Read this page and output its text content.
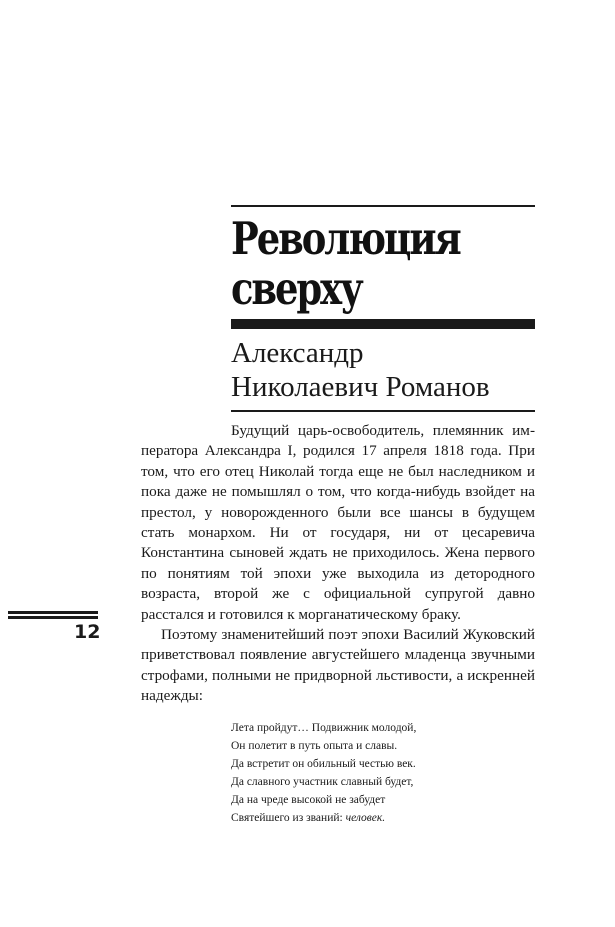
Революция
сверху
Александр
Николаевич Романов

Будущий царь-освободитель, племянник императора Александра I, родился 17 апреля 1818 года. При том, что его отец Николай тогда еще не был наследником и пока даже не помышлял о том, что когда-нибудь взойдет на престол, у новорожденного были все шансы в будущем стать монархом. Ни от государя, ни от цесаревича Константина сыновей ждать не приходилось. Жена первого по понятиям той эпохи уже выходила из детородного возраста, второй же с официальной супругой давно расстался и готовился к морганатическому браку.

Поэтому знаменитейший поэт эпохи Василий Жуковский приветствовал появление августейшего младенца звучными строфами, полными не придворной льстивости, а искренней надежды:

12
Лета пройдут… Подвижник молодой,
Он полетит в путь опыта и славы.
Да встретит он обильный честью век.
Да славного участник славный будет,
Да на чреде высокой не забудет
Святейшего из званий: человек.
